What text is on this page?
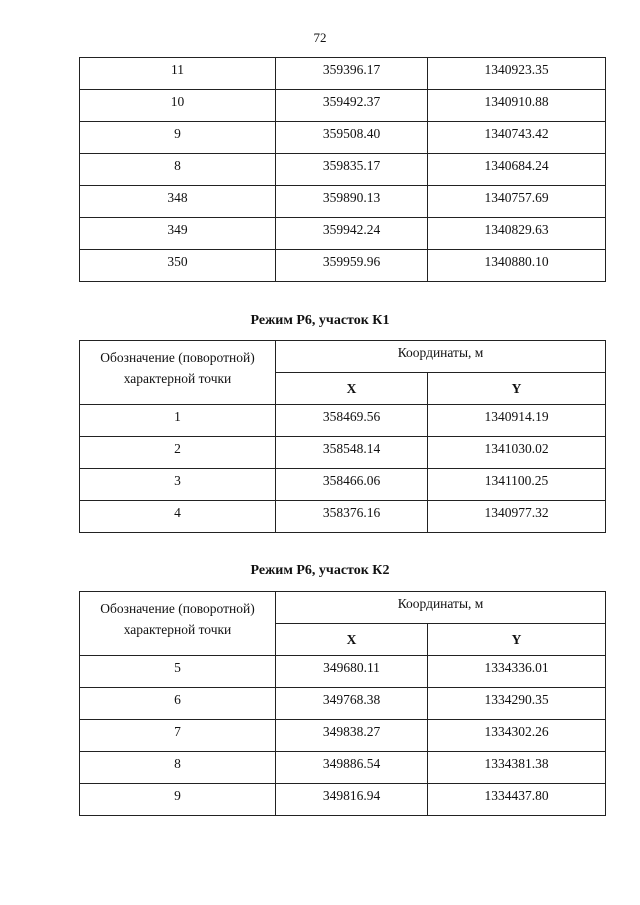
72
11	359396.17	1340923.35
10	359492.37	1340910.88
9	359508.40	1340743.42
8	359835.17	1340684.24
348	359890.13	1340757.69
349	359942.24	1340829.63
350	359959.96	1340880.10
Режим Р6, участок К1
Обозначение (поворотной) характерной точки	Координаты, м	
	X	Y
1	358469.56	1340914.19
2	358548.14	1341030.02
3	358466.06	1341100.25
4	358376.16	1340977.32
Режим Р6, участок К2
Обозначение (поворотной) характерной точки	Координаты, м	
	X	Y
5	349680.11	1334336.01
6	349768.38	1334290.35
7	349838.27	1334302.26
8	349886.54	1334381.38
9	349816.94	1334437.80
